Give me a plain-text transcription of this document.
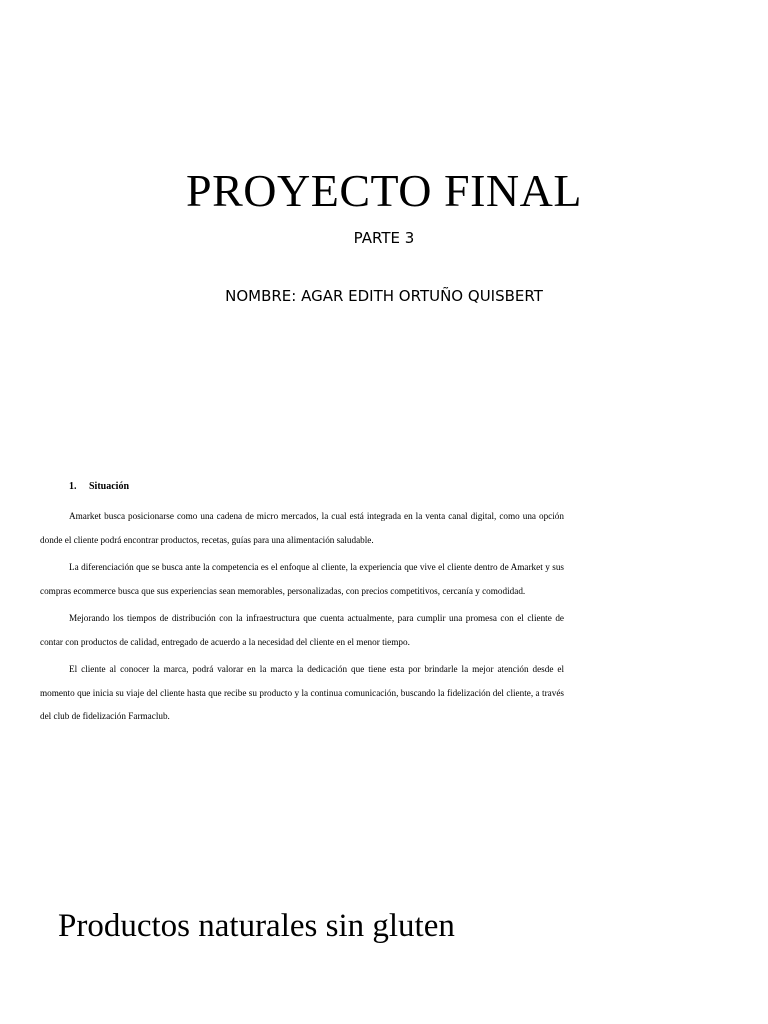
PROYECTO FINAL
PARTE 3
NOMBRE: AGAR EDITH ORTUÑO QUISBERT
1. Situación

Amarket busca posicionarse como una cadena de micro mercados, la cual está integrada en la venta canal digital, como una opción donde el cliente podrá encontrar productos, recetas, guías para una alimentación saludable.

La diferenciación que se busca ante la competencia es el enfoque al cliente, la experiencia que vive el cliente dentro de Amarket y sus compras ecommerce busca que sus experiencias sean memorables, personalizadas, con precios competitivos, cercanía y comodidad.

Mejorando los tiempos de distribución con la infraestructura que cuenta actualmente, para cumplir una promesa con el cliente de contar con productos de calidad, entregado de acuerdo a la necesidad del cliente en el menor tiempo.

El cliente al conocer la marca, podrá valorar en la marca la dedicación que tiene esta por brindarle la mejor atención desde el momento que inicia su viaje del cliente hasta que recibe su producto y la continua comunicación, buscando la fidelización del cliente, a través del club de fidelización Farmaclub.

Productos naturales sin gluten
